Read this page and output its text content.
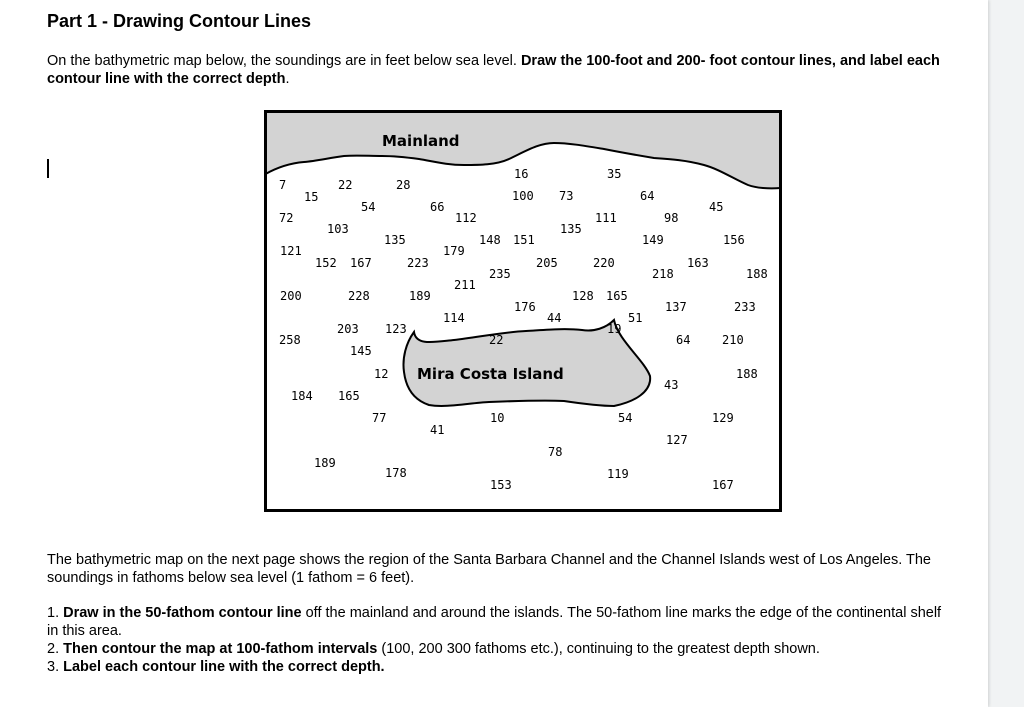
Part 1 - Drawing Contour Lines

On the bathymetric map below, the soundings are in feet below sea level. Draw the 100-foot and 200- foot contour lines, and label each contour line with the correct depth.

Mainland
Mira Costa Island
7
15
22	28
16	35
54	66
100 73	64
72	112	111	98
45
103
135
135
148 151
179
149	156
121
152 167	223	205	220	163
235	218	188
211
200	228	189	128 165
176	137	233
114	44	51
19
203 123
258	22	64	210
145
12	188
43
184 165
77	10	54	129
41
127
78
189
178	119
153	167

The bathymetric map on the next page shows the region of the Santa Barbara Channel and the Channel Islands west of Los Angeles. The soundings in fathoms below sea level (1 fathom = 6 feet).

1. Draw in the 50-fathom contour line off the mainland and around the islands. The 50-fathom line marks the edge of the continental shelf in this area.

2. Then contour the map at 100-fathom intervals (100, 200 300 fathoms etc.), continuing to the greatest depth shown.

3. Label each contour line with the correct depth.
